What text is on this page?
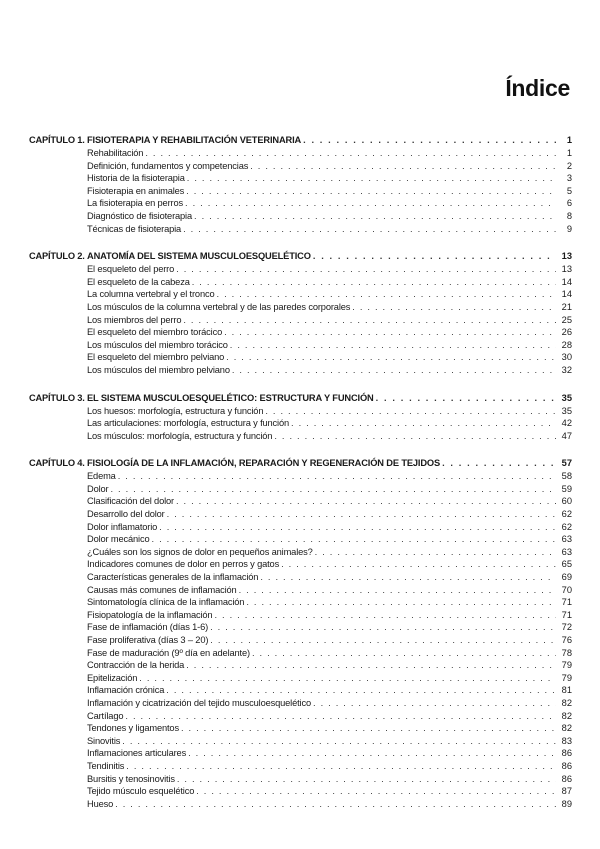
Índice
CAPÍTULO 1. FISIOTERAPIA Y REHABILITACIÓN VETERINARIA . . .	1
Rehabilitación . . .	1
Definición, fundamentos y competencias . . .	2
Historia de la fisioterapia . . .	3
Fisioterapia en animales . . .	5
La fisioterapia en perros . . .	6
Diagnóstico de fisioterapia . . .	8
Técnicas de fisioterapia . . .	9
CAPÍTULO 2. ANATOMÍA DEL SISTEMA MUSCULOESQUELÉTICO . . .	13
El esqueleto del perro . . .	13
El esqueleto de la cabeza . . .	14
La columna vertebral y el tronco . . .	14
Los músculos de la columna vertebral y de las paredes corporales . . .	21
Los miembros del perro . . .	25
El esqueleto del miembro torácico . . .	26
Los músculos del miembro torácico . . .	28
El esqueleto del miembro pelviano . . .	30
Los músculos del miembro pelviano . . .	32
CAPÍTULO 3. EL SISTEMA MUSCULOESQUELÉTICO: ESTRUCTURA Y FUNCIÓN . . .	35
Los huesos: morfología, estructura y función . . .	35
Las articulaciones: morfología, estructura y función . . .	42
Los músculos: morfología, estructura y función . . .	47
CAPÍTULO 4. FISIOLOGÍA DE LA INFLAMACIÓN, REPARACIÓN Y REGENERACIÓN DE TEJIDOS . . .	57
Edema . . .	58
Dolor . . .	59
Clasificación del dolor . . .	60
Desarrollo del dolor . . .	62
Dolor inflamatorio . . .	62
Dolor mecánico . . .	63
¿Cuáles son los signos de dolor en pequeños animales? . . .	63
Indicadores comunes de dolor en perros y gatos . . .	65
Características generales de la inflamación . . .	69
Causas más comunes de inflamación . . .	70
Sintomatología clínica de la inflamación . . .	71
Fisiopatología de la inflamación . . .	71
Fase de inflamación (días 1-6) . . .	72
Fase proliferativa (días 3 – 20) . . .	76
Fase de maduración (9º día en adelante) . . .	78
Contracción de la herida . . .	79
Epitelización . . .	79
Inflamación crónica . . .	81
Inflamación y cicatrización del tejido musculoesquelético . . .	82
Cartílago . . .	82
Tendones y ligamentos . . .	82
Sinovitis . . .	83
Inflamaciones articulares . . .	86
Tendinitis . . .	86
Bursitis y tenosinovitis . . .	86
Tejido músculo esquelético . . .	87
Hueso . . .	89
